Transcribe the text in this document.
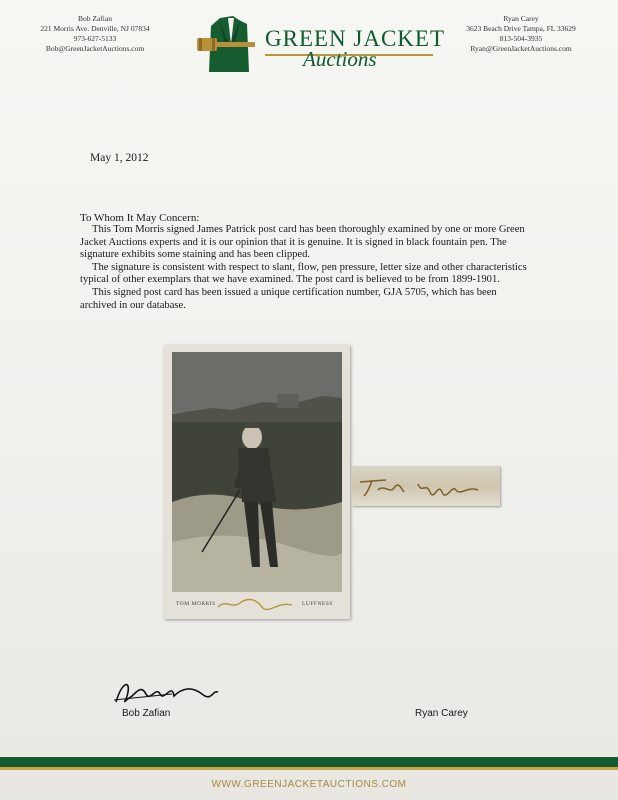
Bob Zafian
221 Morris Ave. Denville, NJ 07834
973-627-5133
Bob@GreenJacketAuctions.com	GREEN JACKET
Auctions
Ryan Carey
3623 Beach Drive Tampa, FL 33629
813-504-3935
Ryan@GreenJacketAuctions.com
May 1, 2012
To Whom It May Concern:

This Tom Morris signed James Patrick post card has been thoroughly examined by one or more Green Jacket Auctions experts and it is our opinion that it is genuine. It is signed in black fountain pen. The signature exhibits some staining and has been clipped.

The signature is consistent with respect to slant, flow, pen pressure, letter size and other characteristics typical of other exemplars that we have examined. The post card is believed to be from 1899-1901.

This signed post card has been issued a unique certification number, GJA 5705, which has been archived in our database.

TOM MORRIS	LUFFNESS
Bob Zafian	Ryan Carey
WWW.GREENJACKETAUCTIONS.COM
